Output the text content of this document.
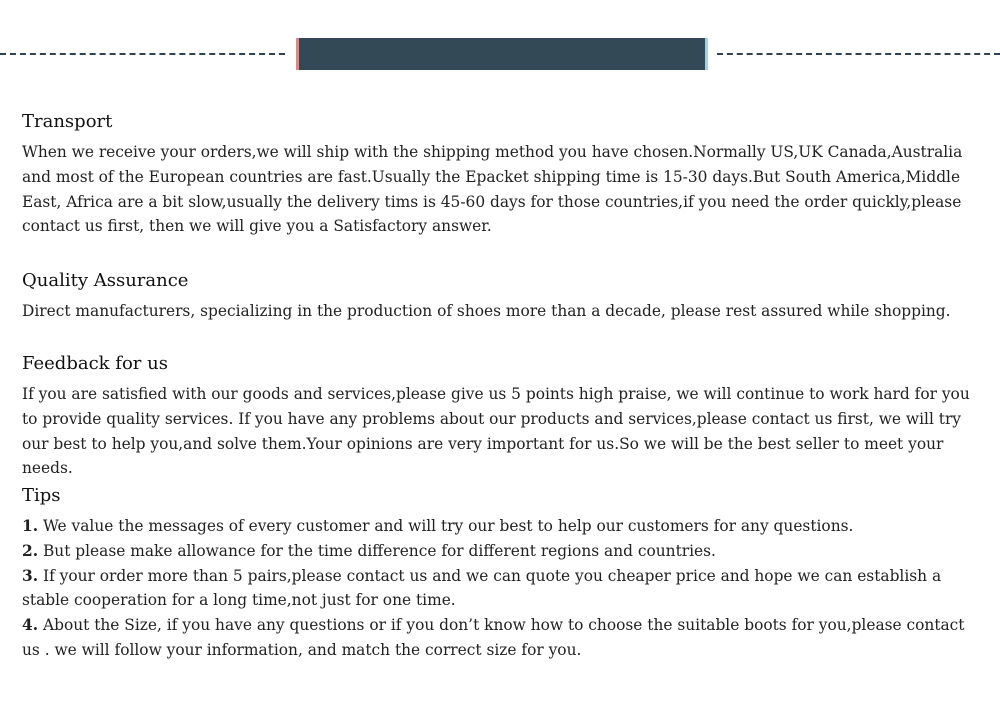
Transport

When we receive your orders,we will ship with the shipping method you have chosen.Normally US,UK Canada,Australia and most of the European countries are fast.Usually the Epacket shipping time is 15-30 days.But South America,Middle East, Africa are a bit slow,usually the delivery tims is 45-60 days for those countries,if you need the order quickly,please contact us first, then we will give you a Satisfactory answer.

Quality Assurance

Direct manufacturers, specializing in the production of shoes more than a decade, please rest assured while shopping.

Feedback for us

If you are satisfied with our goods and services,please give us 5 points high praise, we will continue to work hard for you to provide quality services. If you have any problems about our products and services,please contact us first, we will try our best to help you,and solve them.Your opinions are very important for us.So we will be the best seller to meet your needs.

Tips

1. We value the messages of every customer and will try our best to help our customers for any questions.

2. But please make allowance for the time difference for different regions and countries.

3. If your order more than 5 pairs,please contact us and we can quote you cheaper price and hope we can establish a stable cooperation for a long time,not just for one time.

4. About the Size, if you have any questions or if you don’t know how to choose the suitable boots for you,please contact us . we will follow your information, and match the correct size for you.
